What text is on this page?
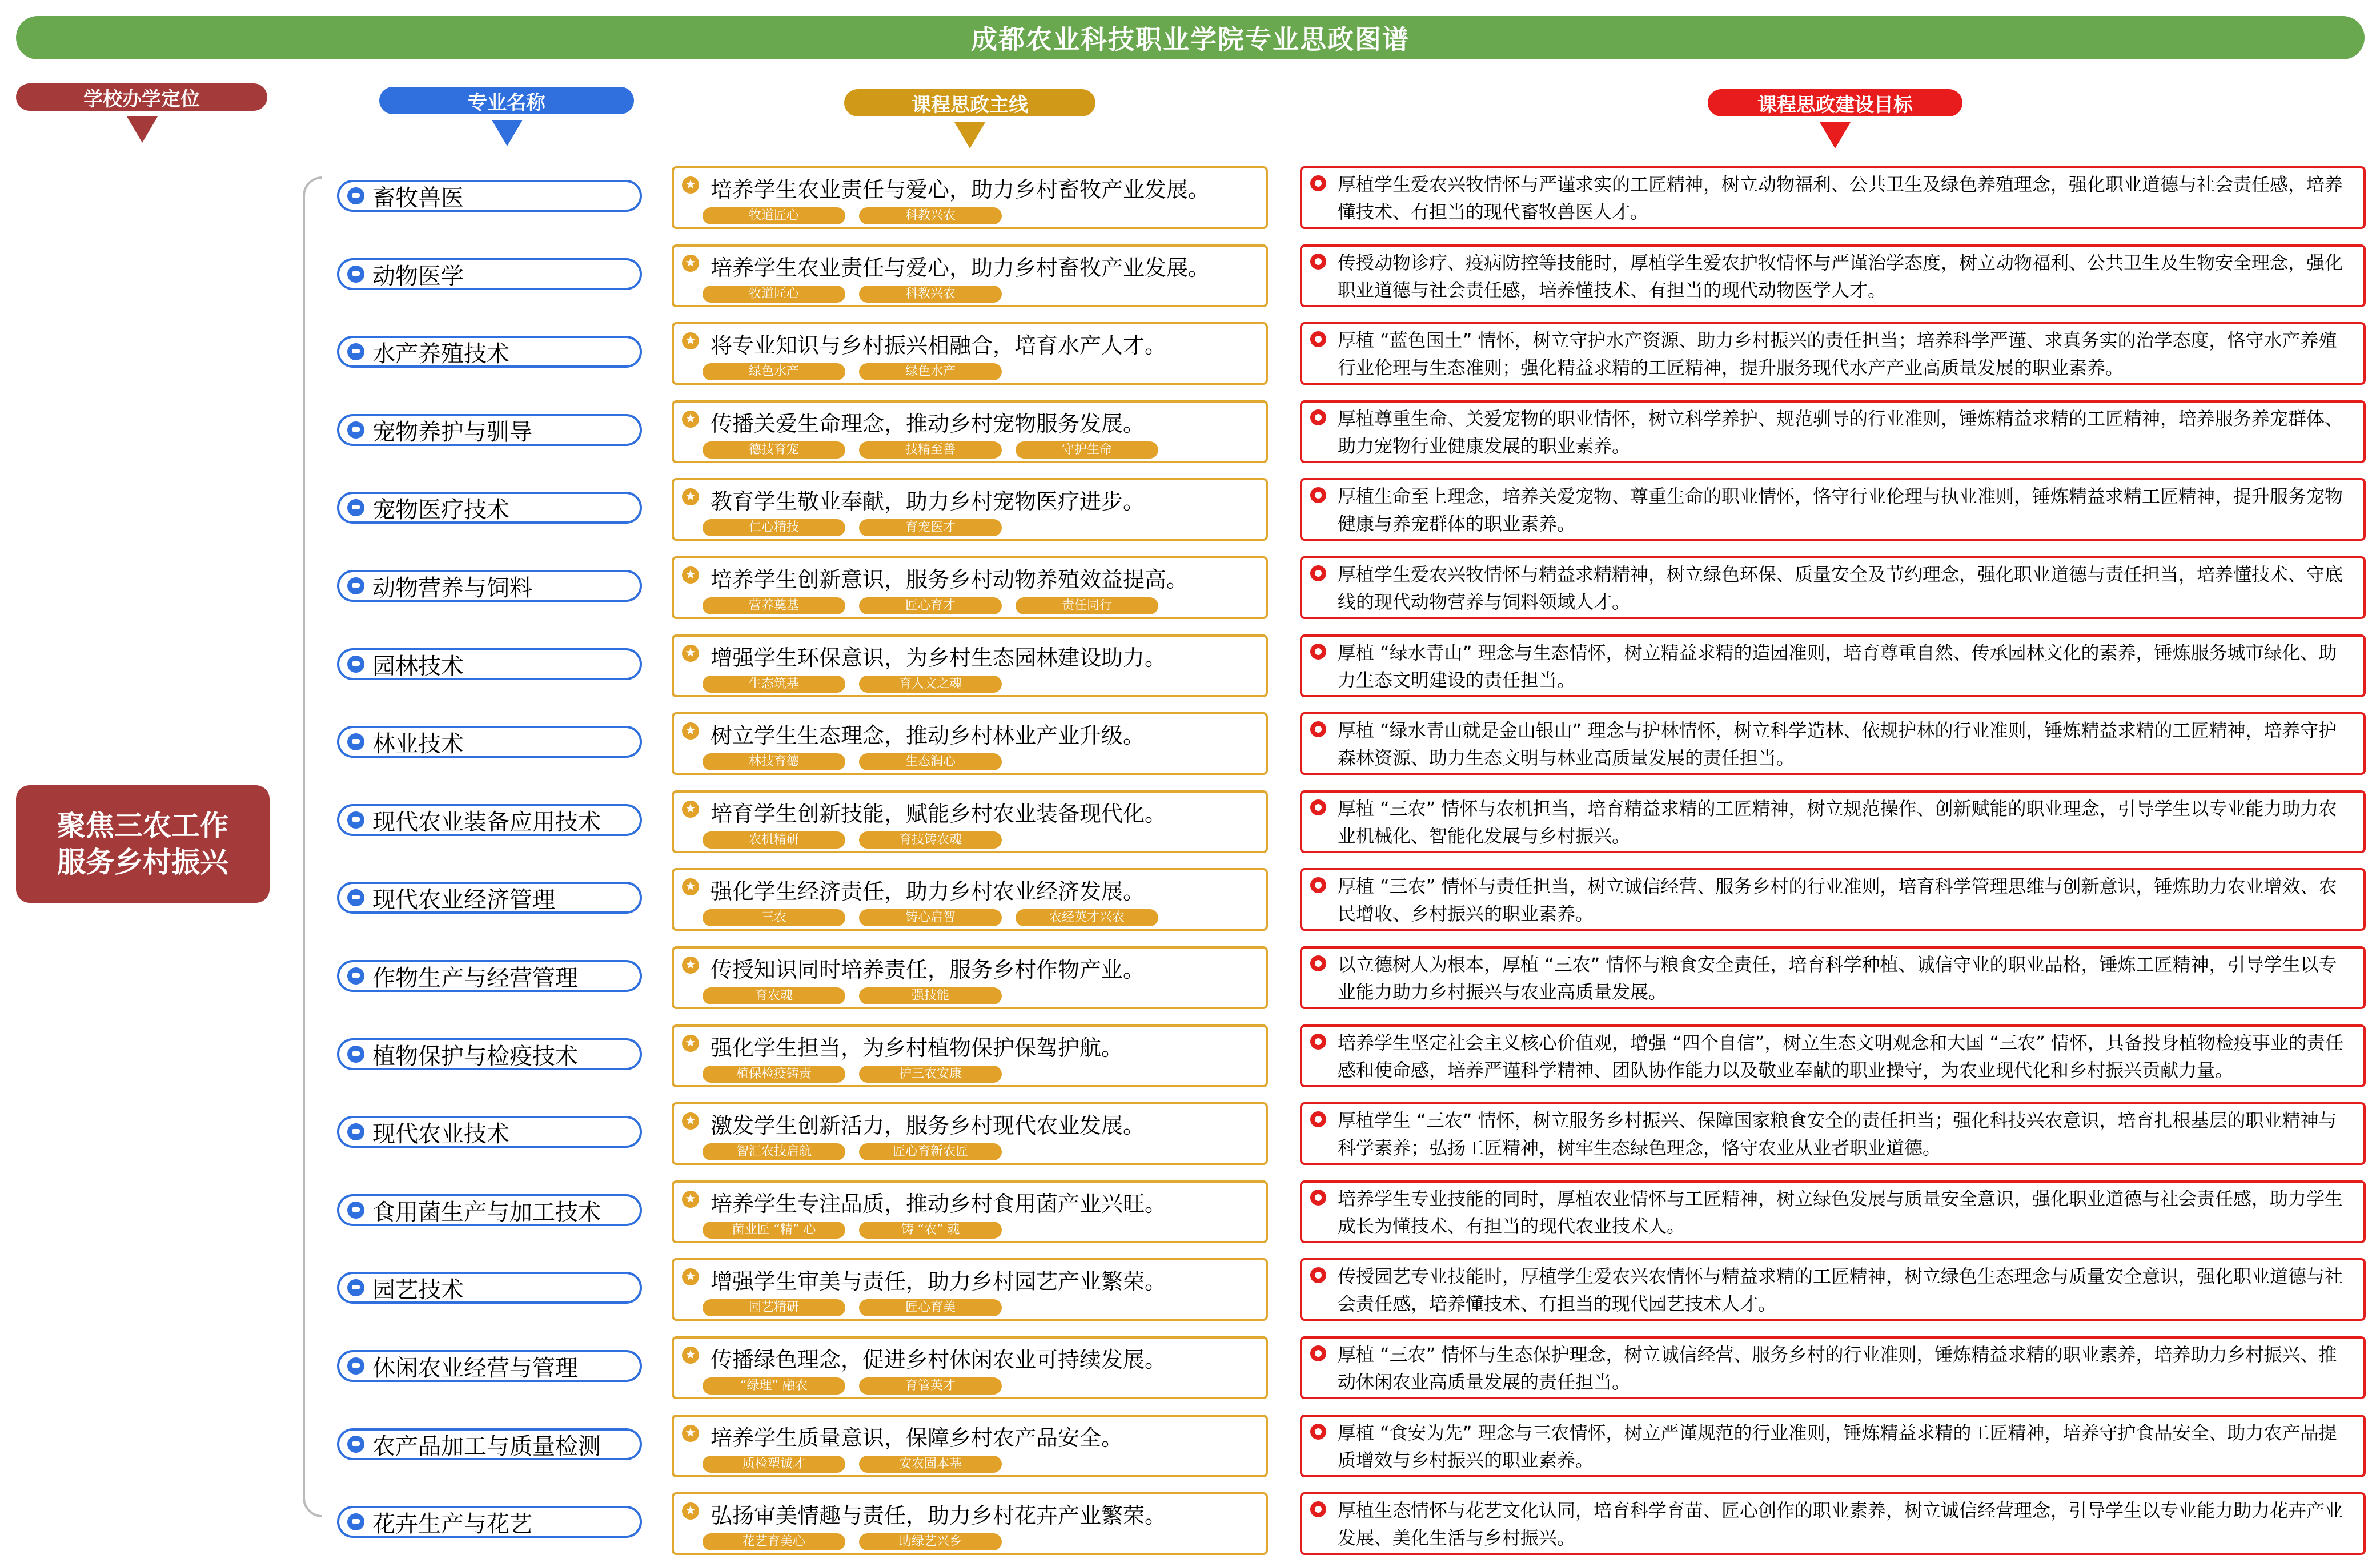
成都农业科技职业学院专业思政图谱
学校办学定位	专业名称	课程思政主线	课程思政建设目标
聚焦三农工作
服务乡村振兴
畜牧兽医	★ 培养学生农业责任与爱心，助力乡村畜牧产业发展。
牧道匠心	科教兴农
厚植学生爱农兴牧情怀与严谨求实的工匠精神，树立动物福利、公共卫生及绿色养殖理念，强化职业道德与社会责任感，培养懂技术、有担当的现代畜牧兽医人才。
动物医学	★ 培养学生农业责任与爱心，助力乡村畜牧产业发展。
牧道匠心	科教兴农
传授动物诊疗、疫病防控等技能时，厚植学生爱农护牧情怀与严谨治学态度，树立动物福利、公共卫生及生物安全理念，强化职业道德与社会责任感，培养懂技术、有担当的现代动物医学人才。
水产养殖技术	★ 将专业知识与乡村振兴相融合，培育水产人才。
绿色水产	绿色水产
厚植 “蓝色国土” 情怀，树立守护水产资源、助力乡村振兴的责任担当；培养科学严谨、求真务实的治学态度，恪守水产养殖行业伦理与生态准则；强化精益求精的工匠精神，提升服务现代水产产业高质量发展的职业素养。
宠物养护与驯导	★ 传播关爱生命理念，推动乡村宠物服务发展。
德技育宠	技精至善	守护生命
厚植尊重生命、关爱宠物的职业情怀，树立科学养护、规范驯导的行业准则，锤炼精益求精的工匠精神，培养服务养宠群体、助力宠物行业健康发展的职业素养。
宠物医疗技术	★ 教育学生敬业奉献，助力乡村宠物医疗进步。
仁心精技	育宠医才
厚植生命至上理念，培养关爱宠物、尊重生命的职业情怀，恪守行业伦理与执业准则，锤炼精益求精工匠精神，提升服务宠物健康与养宠群体的职业素养。
动物营养与饲料	★ 培养学生创新意识，服务乡村动物养殖效益提高。
营养奠基	匠心育才	责任同行
厚植学生爱农兴牧情怀与精益求精精神，树立绿色环保、质量安全及节约理念，强化职业道德与责任担当，培养懂技术、守底线的现代动物营养与饲料领域人才。
园林技术	★ 增强学生环保意识，为乡村生态园林建设助力。
生态筑基	育人文之魂
厚植 “绿水青山” 理念与生态情怀，树立精益求精的造园准则，培育尊重自然、传承园林文化的素养，锤炼服务城市绿化、助力生态文明建设的责任担当。
林业技术	★ 树立学生生态理念，推动乡村林业产业升级。
林技育德	生态润心
厚植 “绿水青山就是金山银山” 理念与护林情怀，树立科学造林、依规护林的行业准则，锤炼精益求精的工匠精神，培养守护森林资源、助力生态文明与林业高质量发展的责任担当。
现代农业装备应用技术	★ 培育学生创新技能，赋能乡村农业装备现代化。
农机精研	育技铸农魂
厚植 “三农” 情怀与农机担当，培育精益求精的工匠精神，树立规范操作、创新赋能的职业理念，引导学生以专业能力助力农业机械化、智能化发展与乡村振兴。
现代农业经济管理	★ 强化学生经济责任，助力乡村农业经济发展。
三农	铸心启智	农经英才兴农
厚植 “三农” 情怀与责任担当，树立诚信经营、服务乡村的行业准则，培育科学管理思维与创新意识，锤炼助力农业增效、农民增收、乡村振兴的职业素养。
作物生产与经营管理	★ 传授知识同时培养责任，服务乡村作物产业。
育农魂	强技能
以立德树人为根本，厚植 “三农” 情怀与粮食安全责任，培育科学种植、诚信守业的职业品格，锤炼工匠精神，引导学生以专业能力助力乡村振兴与农业高质量发展。
植物保护与检疫技术	★ 强化学生担当，为乡村植物保护保驾护航。
植保检疫铸责	护三农安康
培养学生坚定社会主义核心价值观，增强 “四个自信”，树立生态文明观念和大国 “三农” 情怀，具备投身植物检疫事业的责任感和使命感，培养严谨科学精神、团队协作能力以及敬业奉献的职业操守，为农业现代化和乡村振兴贡献力量。
现代农业技术	★ 激发学生创新活力，服务乡村现代农业发展。
智汇农技启航	匠心育新农匠
厚植学生 “三农” 情怀，树立服务乡村振兴、保障国家粮食安全的责任担当；强化科技兴农意识，培育扎根基层的职业精神与科学素养；弘扬工匠精神，树牢生态绿色理念，恪守农业从业者职业道德。
食用菌生产与加工技术	★ 培养学生专注品质，推动乡村食用菌产业兴旺。
菌业匠 “精” 心	铸 “农” 魂
培养学生专业技能的同时，厚植农业情怀与工匠精神，树立绿色发展与质量安全意识，强化职业道德与社会责任感，助力学生成长为懂技术、有担当的现代农业技术人。
园艺技术	★ 增强学生审美与责任，助力乡村园艺产业繁荣。
园艺精研	匠心育美
传授园艺专业技能时，厚植学生爱农兴农情怀与精益求精的工匠精神，树立绿色生态理念与质量安全意识，强化职业道德与社会责任感，培养懂技术、有担当的现代园艺技术人才。
休闲农业经营与管理	★ 传播绿色理念，促进乡村休闲农业可持续发展。
“绿理” 融农	育管英才
厚植 “三农” 情怀与生态保护理念，树立诚信经营、服务乡村的行业准则，锤炼精益求精的职业素养，培养助力乡村振兴、推动休闲农业高质量发展的责任担当。
农产品加工与质量检测	★ 培养学生质量意识，保障乡村农产品安全。
质检塑诚才	安农固本基
厚植 “食安为先” 理念与三农情怀，树立严谨规范的行业准则，锤炼精益求精的工匠精神，培养守护食品安全、助力农产品提质增效与乡村振兴的职业素养。
花卉生产与花艺	★ 弘扬审美情趣与责任，助力乡村花卉产业繁荣。
花艺育美心	助绿艺兴乡
厚植生态情怀与花艺文化认同，培育科学育苗、匠心创作的职业素养，树立诚信经营理念，引导学生以专业能力助力花卉产业发展、美化生活与乡村振兴。
